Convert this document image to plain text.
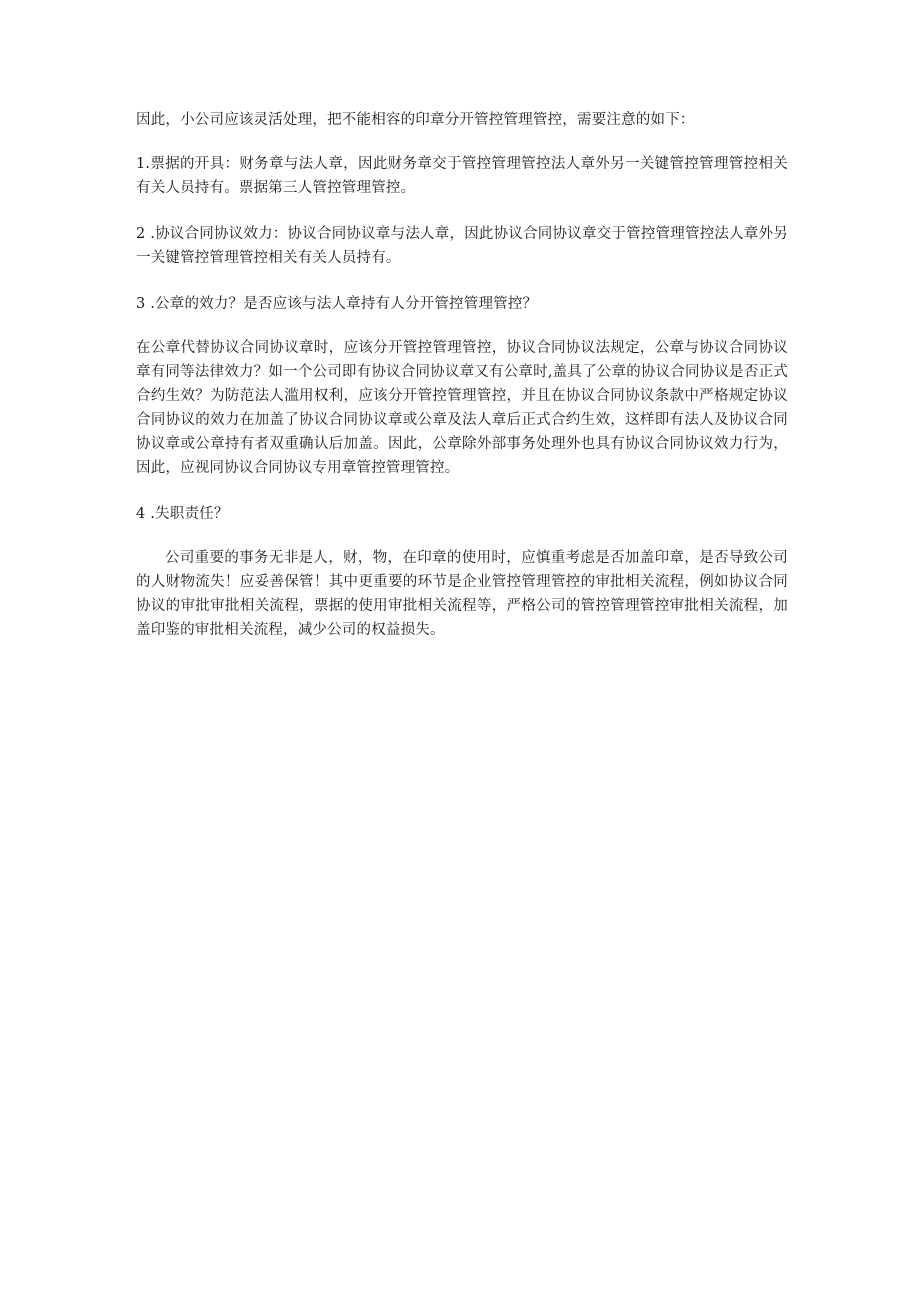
因此，小公司应该灵活处理，把不能相容的印章分开管控管理管控，需要注意的如下：

1.票据的开具：财务章与法人章，因此财务章交于管控管理管控法人章外另一关键管控管理管控相关有关人员持有。票据第三人管控管理管控。

2 .协议合同协议效力：协议合同协议章与法人章，因此协议合同协议章交于管控管理管控法人章外另一关键管控管理管控相关有关人员持有。

3 .公章的效力？是否应该与法人章持有人分开管控管理管控？

在公章代替协议合同协议章时，应该分开管控管理管控，协议合同协议法规定，公章与协议合同协议章有同等法律效力？如一个公司即有协议合同协议章又有公章时,盖具了公章的协议合同协议是否正式合约生效？为防范法人滥用权利，应该分开管控管理管控，并且在协议合同协议条款中严格规定协议合同协议的效力在加盖了协议合同协议章或公章及法人章后正式合约生效，这样即有法人及协议合同协议章或公章持有者双重确认后加盖。因此，公章除外部事务处理外也具有协议合同协议效力行为，因此，应视同协议合同协议专用章管控管理管控。

4 .失职责任？

公司重要的事务无非是人，财，物，在印章的使用时，应慎重考虑是否加盖印章，是否导致公司的人财物流失！应妥善保管！其中更重要的环节是企业管控管理管控的审批相关流程，例如协议合同协议的审批审批相关流程，票据的使用审批相关流程等，严格公司的管控管理管控审批相关流程，加盖印鉴的审批相关流程，减少公司的权益损失。
